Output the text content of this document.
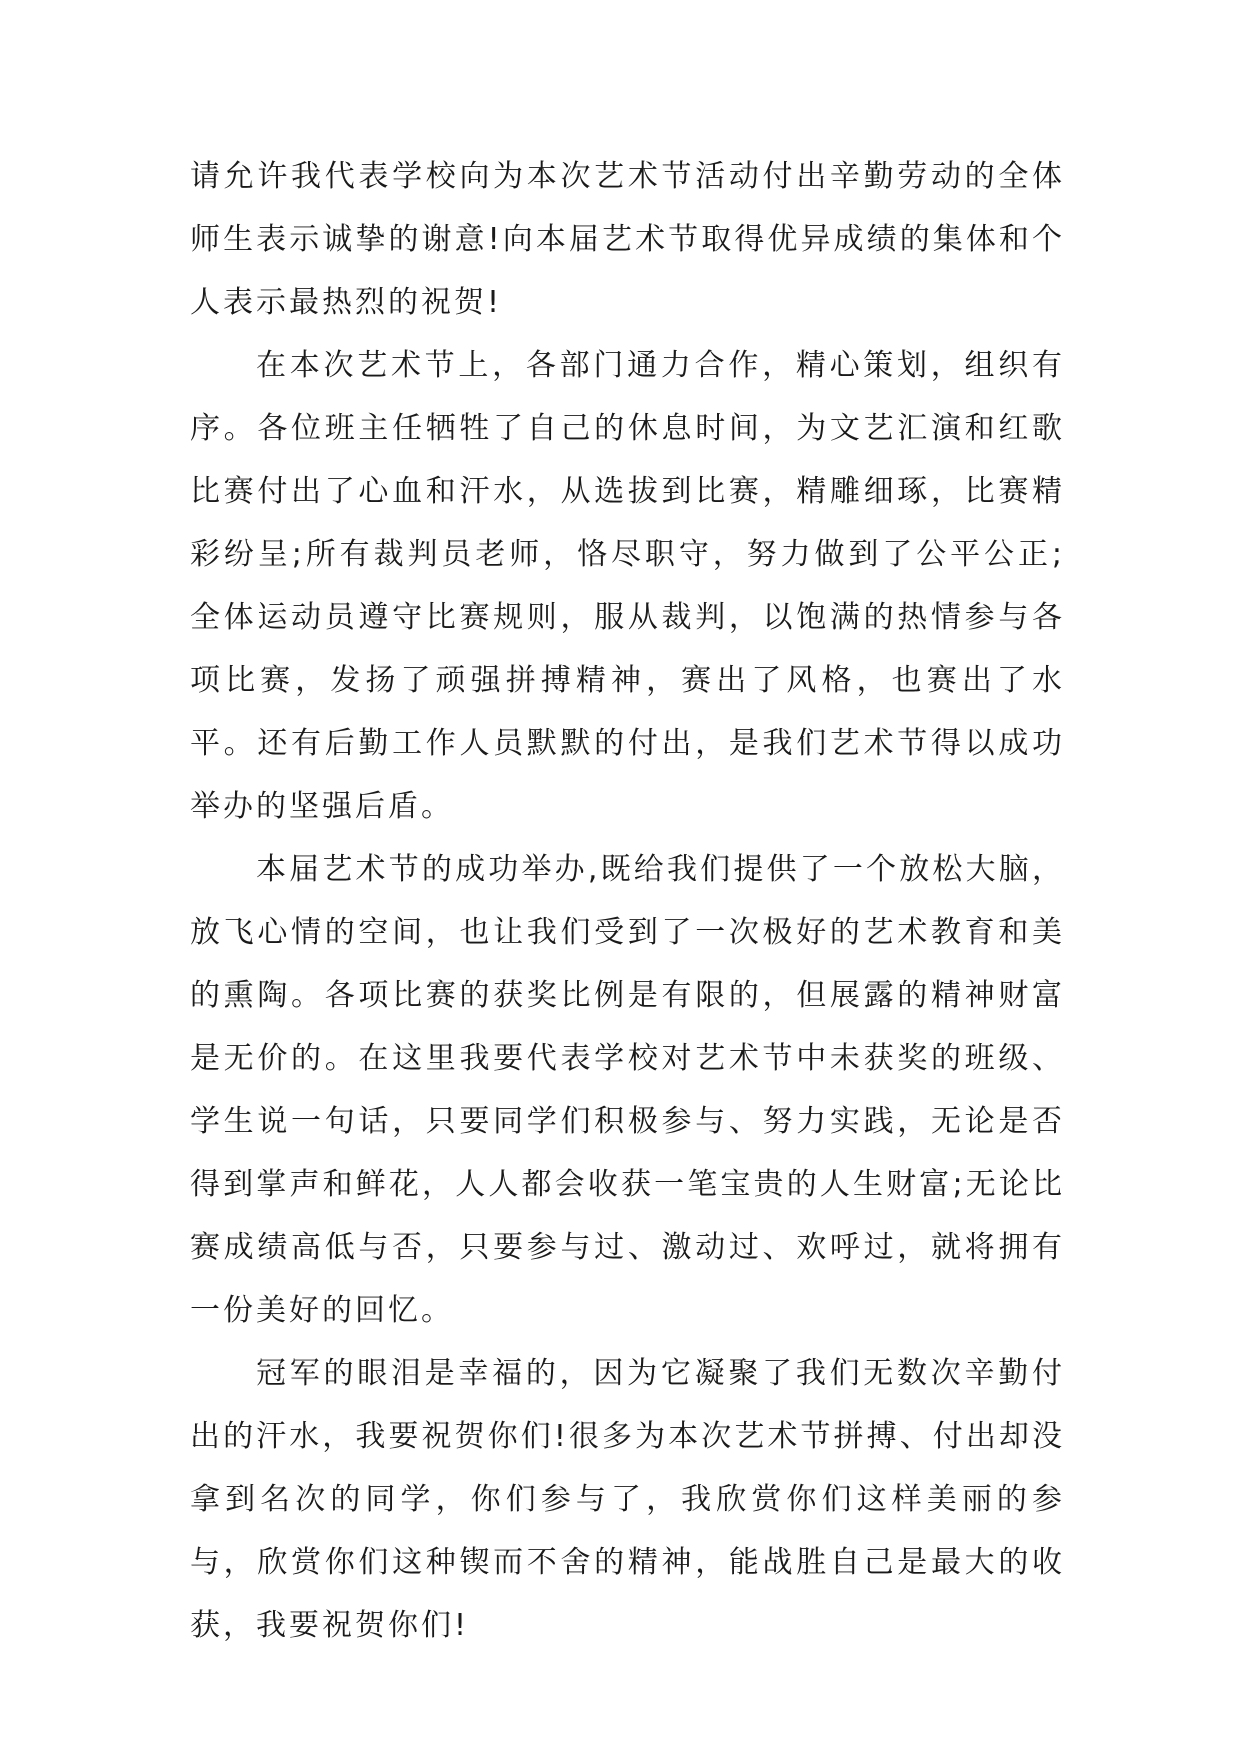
请允许我代表学校向为本次艺术节活动付出辛勤劳动的全体师生表示诚挚的谢意!向本届艺术节取得优异成绩的集体和个人表示最热烈的祝贺!

在本次艺术节上，各部门通力合作，精心策划，组织有序。各位班主任牺牲了自己的休息时间，为文艺汇演和红歌比赛付出了心血和汗水，从选拔到比赛，精雕细琢，比赛精彩纷呈;所有裁判员老师，恪尽职守，努力做到了公平公正;全体运动员遵守比赛规则，服从裁判，以饱满的热情参与各项比赛，发扬了顽强拼搏精神，赛出了风格，也赛出了水平。还有后勤工作人员默默的付出，是我们艺术节得以成功举办的坚强后盾。

本届艺术节的成功举办,既给我们提供了一个放松大脑，放飞心情的空间，也让我们受到了一次极好的艺术教育和美的熏陶。各项比赛的获奖比例是有限的，但展露的精神财富是无价的。在这里我要代表学校对艺术节中未获奖的班级、学生说一句话，只要同学们积极参与、努力实践，无论是否得到掌声和鲜花，人人都会收获一笔宝贵的人生财富;无论比赛成绩高低与否，只要参与过、激动过、欢呼过，就将拥有一份美好的回忆。

冠军的眼泪是幸福的，因为它凝聚了我们无数次辛勤付出的汗水，我要祝贺你们!很多为本次艺术节拼搏、付出却没拿到名次的同学，你们参与了，我欣赏你们这样美丽的参与，欣赏你们这种锲而不舍的精神，能战胜自己是最大的收获，我要祝贺你们!
